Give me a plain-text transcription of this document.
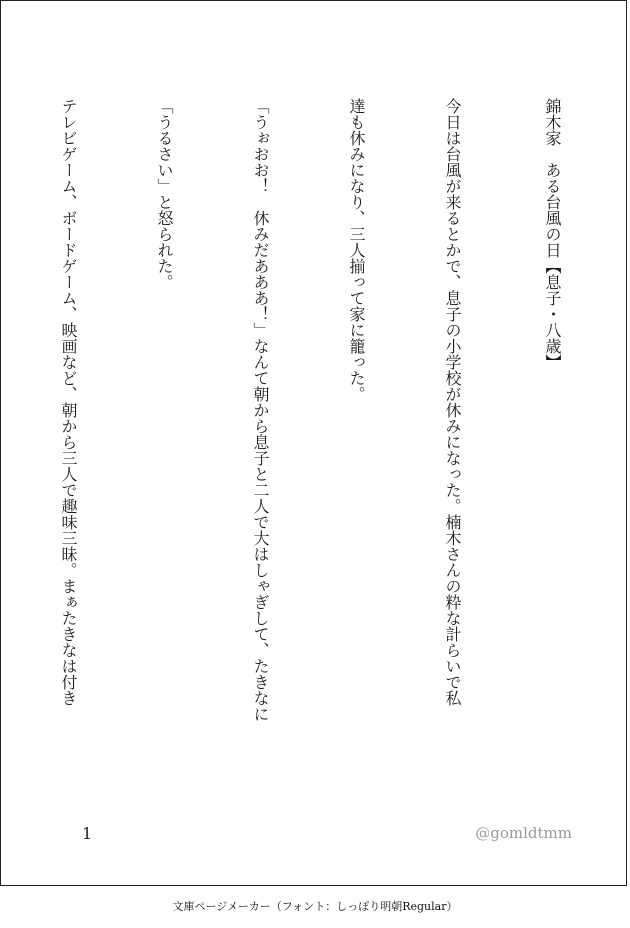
錦木家　ある台風の日【息子・八歳】

今日は台風が来るとかで、息子の小学校が休みになった。楠木さんの粋な計らいで私

達も休みになり、三人揃って家に籠った。

「うぉおお！　休みだあああ！」なんて朝から息子と二人で大はしゃぎして、たきなに

「うるさい」と怒られた。

テレビゲーム、ボードゲーム、映画など、朝から三人で趣味三昧。まぁたきなは付き

1	@gomldtmm
文庫ページメーカー（フォント：しっぽり明朝Regular）
